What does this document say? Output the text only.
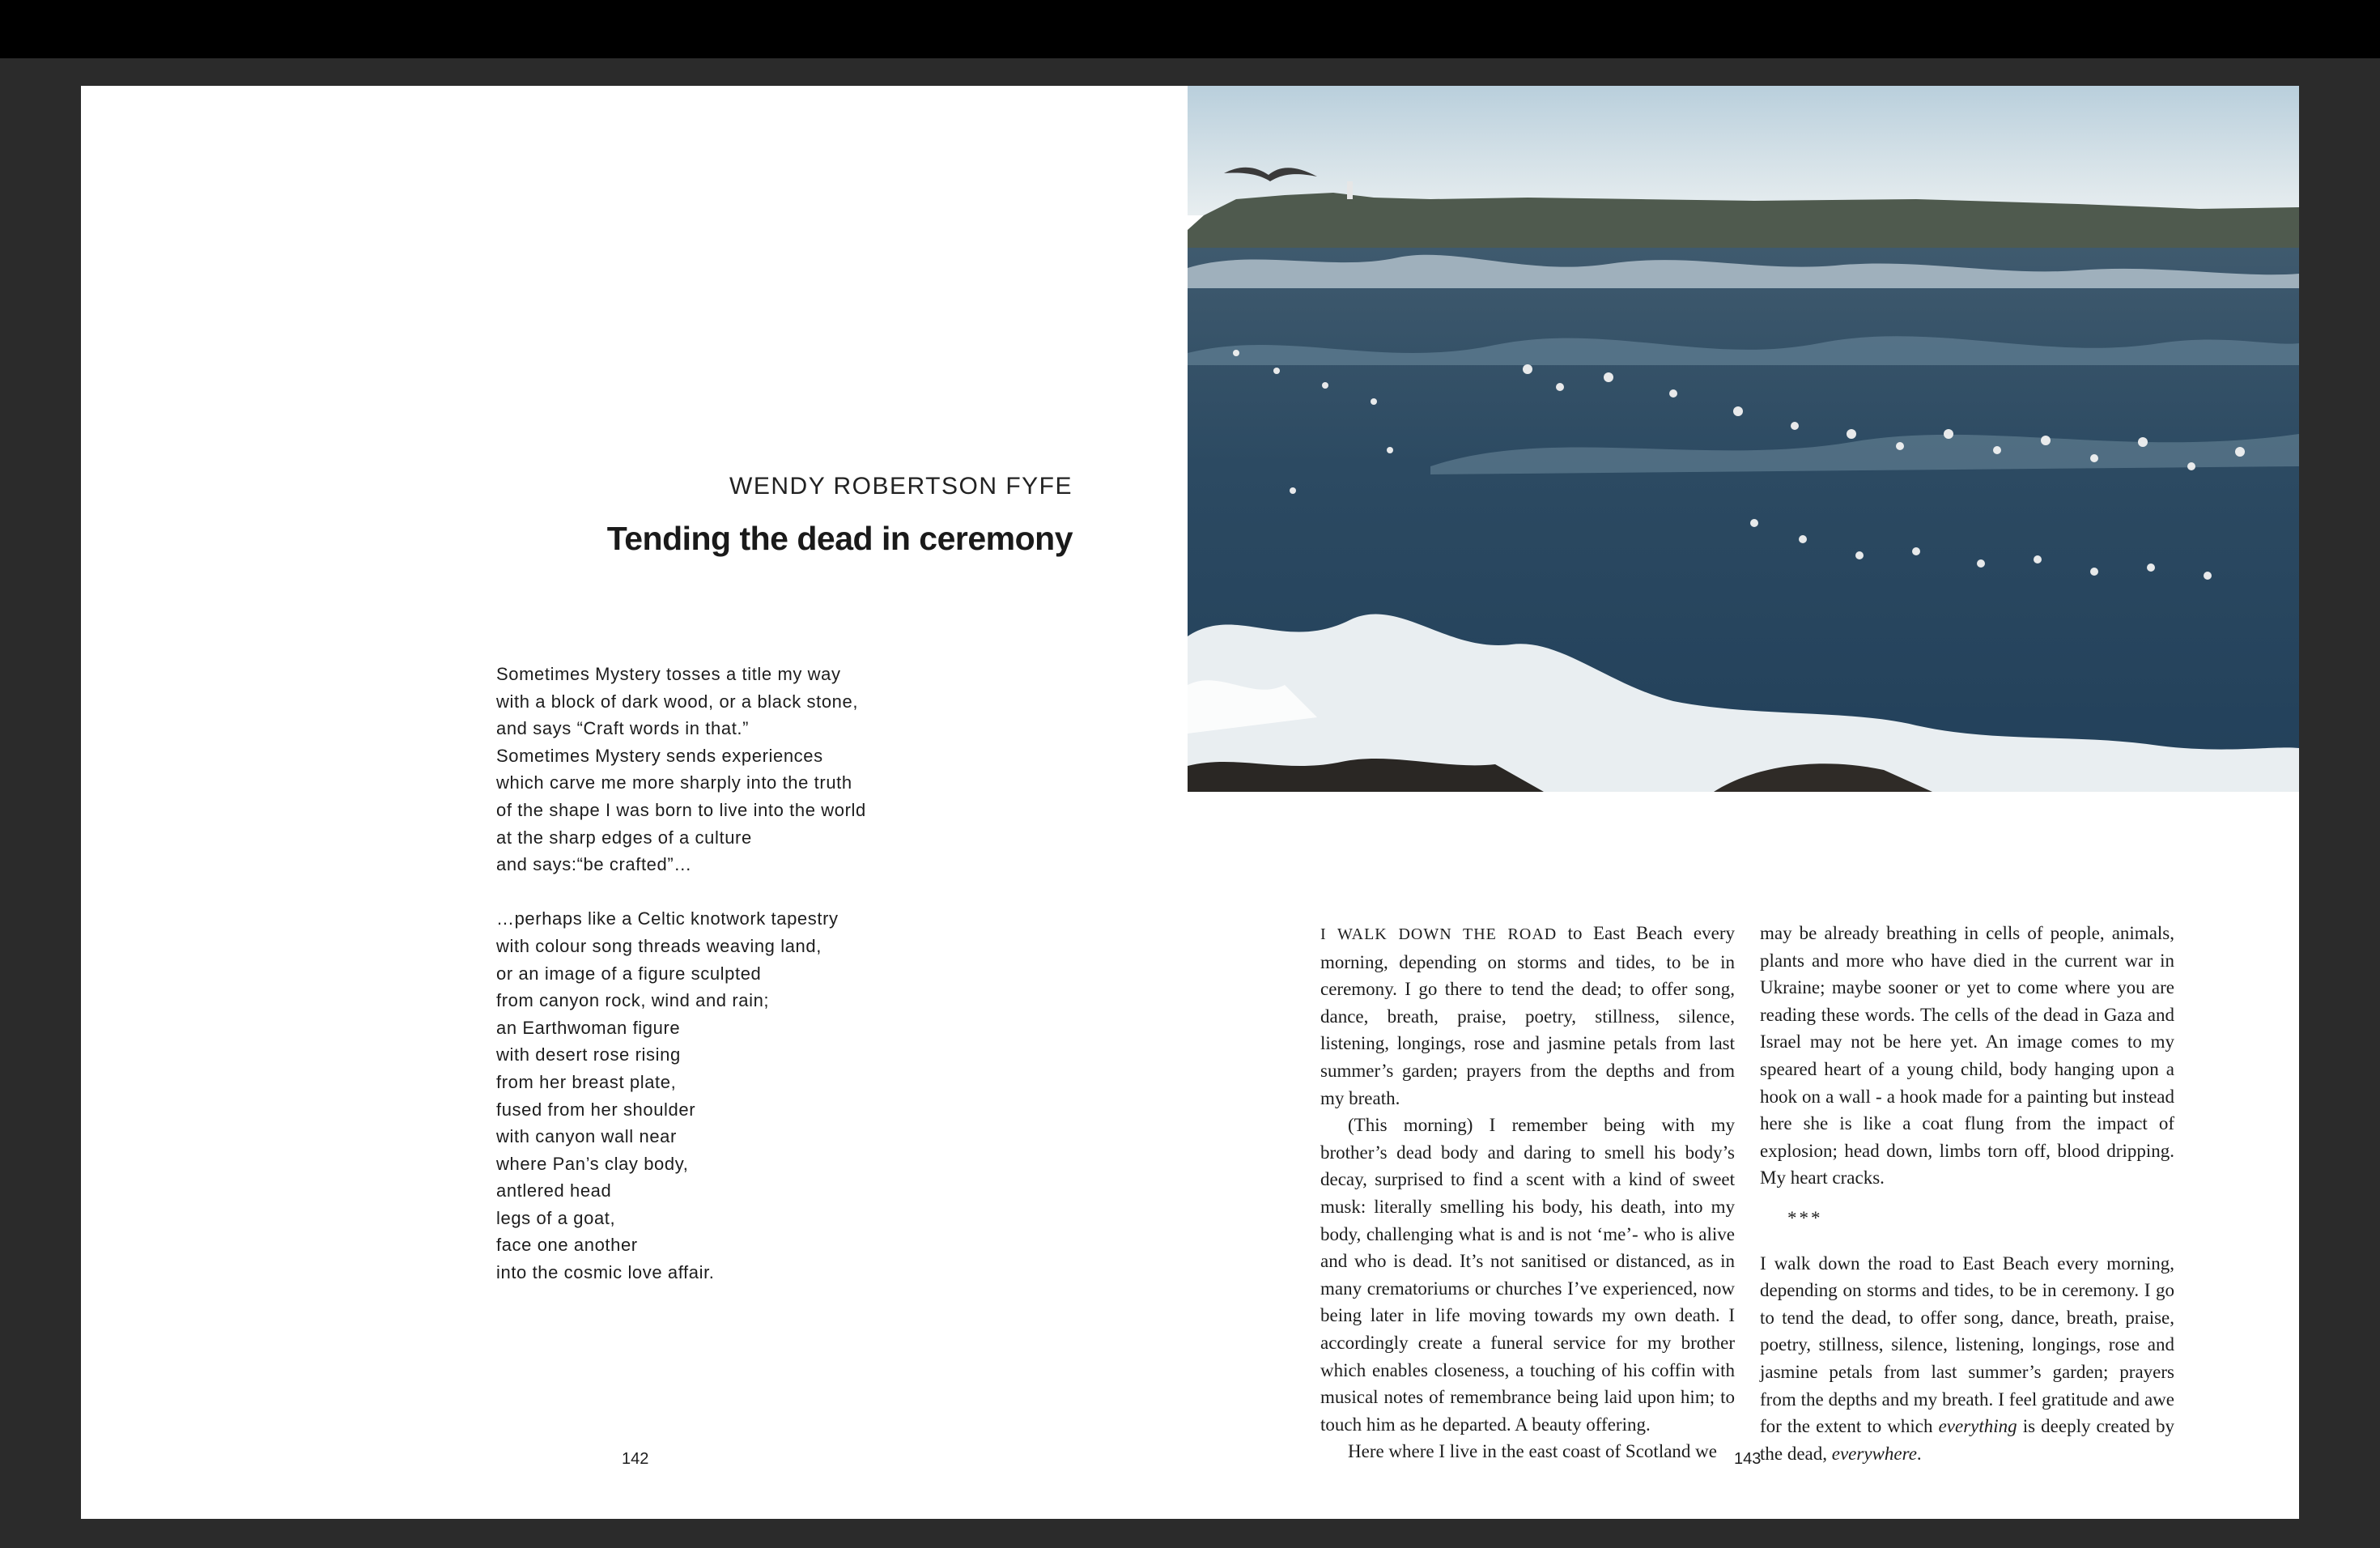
WENDY ROBERTSON FYFE
Tending the dead in ceremony
Sometimes Mystery tosses a title my way
with a block of dark wood, or a black stone,
and says “Craft words in that.”
Sometimes Mystery sends experiences
which carve me more sharply into the truth
of the shape I was born to live into the world
at the sharp edges of a culture
and says:“be crafted”…
…perhaps like a Celtic knotwork tapestry
with colour song threads weaving land,
or an image of a figure sculpted
from canyon rock, wind and rain;
an Earthwoman figure
with desert rose rising
from her breast plate,
fused from her shoulder
with canyon wall near
where Pan’s clay body,
antlered head
legs of a goat,
face one another
into the cosmic love affair.
142

I WALK DOWN THE ROAD to East Beach every morning, depending on storms and tides, to be in ceremony. I go there to tend the dead; to offer song, dance, breath, praise, poetry, stillness, silence, listening, longings, rose and jasmine petals from last summer’s garden; prayers from the depths and from my breath.

(This morning) I remember being with my brother’s dead body and daring to smell his body’s decay, surprised to find a scent with a kind of sweet musk: literally smelling his body, his death, into my body, challenging what is and is not ‘me’- who is alive and who is dead. It’s not sanitised or distanced, as in many crematoriums or churches I’ve experienced, now being later in life moving towards my own death. I accordingly create a funeral service for my brother which enables closeness, a touching of his coffin with musical notes of remembrance being laid upon him; to touch him as he departed. A beauty offering.

Here where I live in the east coast of Scotland we

may be already breathing in cells of people, animals, plants and more who have died in the current war in Ukraine; maybe sooner or yet to come where you are reading these words. The cells of the dead in Gaza and Israel may not be here yet. An image comes to my speared heart of a young child, body hanging upon a hook on a wall - a hook made for a painting but instead here she is like a coat flung from the impact of explosion; head down, limbs torn off, blood dripping. My heart cracks.

***

I walk down the road to East Beach every morning, depending on storms and tides, to be in ceremony. I go to tend the dead, to offer song, dance, breath, praise, poetry, stillness, silence, listening, longings, rose and jasmine petals from last summer’s garden; prayers from the depths and my breath. I feel gratitude and awe for the extent to which everything is deeply created by the dead, everywhere.

143
